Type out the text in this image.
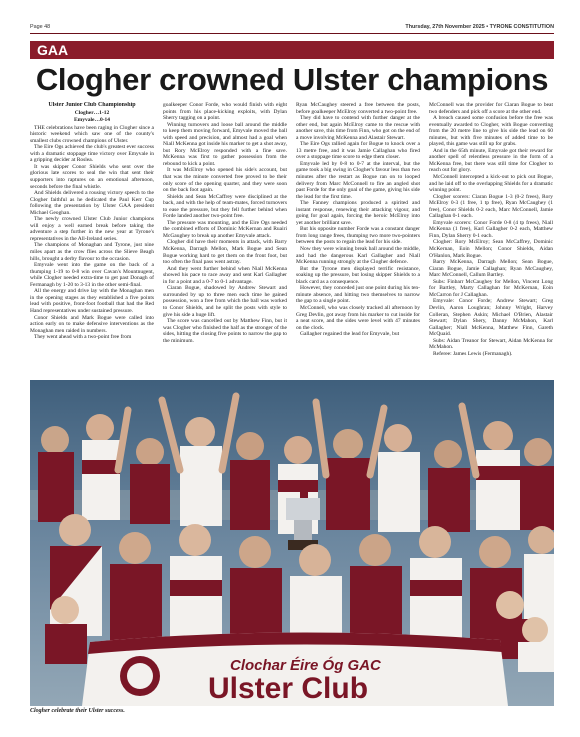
Page 48	Thursday, 27th November 2025 • TYRONE CONSTITUTION
GAA
Clogher crowned Ulster champions

Ulster Junior Club Championship

Clogher…1-12

Emyvale…0-14

THE celebrations have been raging in Clogher since a historic weekend which saw one of the county's smallest clubs crowned champions of Ulster.

The Eire Ogs achieved the club's greatest ever success with a dramatic stoppage time victory over Emyvale in a gripping decider at Roslea.

It was skipper Conor Shields who sent over the glorious late scores to seal the win that sent their supporters into raptures on an emotional afternoon, seconds before the final whistle.

And Shields delivered a rousing victory speech to the Clogher faithful as he dedicated the Paul Kerr Cup following the presentation by Ulster GAA president Michael Geoghan.

The newly crowned Ulster Club Junior champions will enjoy a well earned break before taking the adventure a step further in the new year at Tyrone's representatives in the All-Ireland series.

The champions of Monaghan and Tyrone, just nine miles apart as the crow flies across the Slieve Beagh hills, brought a derby flavour to the occasion.

Emyvale went into the game on the back of a thumping 1-19 to 0-8 win over Cavan's Mountnugent, while Clogher needed extra-time to get past Donagh of Fermanagh by 1-20 to 3-13 in the other semi-final.

All the energy and drive lay with the Monaghan men in the opening stages as they established a five points lead with positive, front-foot football that had the Red Hand representatives under sustained pressure.

Conor Shields and Mark Bogue were called into action early on to make defensive interventions as the Monaghan men raided in numbers.

They went ahead with a two-point free from

goalkeeper Conor Forde, who would finish with eight points from his place-kicking exploits, with Dylan Sherry tagging on a point.

Winning turnovers and loose ball around the middle to keep them moving forward, Emyvale moved the ball with speed and precision, and almost had a goal when Niall McKenna got inside his marker to get a shot away, but Rory McElroy responded with a fine save. McKenna was first to gather possession from the rebound to kick a point.

It was McElroy who opened his side's account, but that was the minute converted free proved to be their only score of the opening quarter, and they were soon on the back foot again.

Shields and Sean McCaffrey were disciplined at the back, and with the help of team-mates, forced turnovers to ease the pressure, but they fell further behind when Forde landed another two-point free.

The pressure was mounting, and the Eire Ogs needed the combined efforts of Dominic McKernan and Ruairi McGaughey to break up another Emyvale attack.

Clogher did have their moments in attack, with Barry McKenna, Darragh Mellon, Mark Bogue and Sean Bogue working hard to get them on the front foot, but too often the final pass went astray.

And they went further behind when Niall McKenna showed his pace to race away and sent Karl Gallagher in for a point and a 0-7 to 0-1 advantage.

Ciaran Bogue, shadowed by Andrew Stewart and surrounded by up to three men each time he gained possession, won a free from which the ball was worked to Conor Shields, and he split the posts with style to give his side a huge lift.

The score was cancelled out by Matthew Finn, but it was Clogher who finished the half as the stronger of the sides, hitting the closing five points to narrow the gap to the minimum.

Ryan McCaughey steered a free between the posts, before goalkeeper McElroy converted a two-point free.

They did have to contend with further danger at the other end, but again McElroy came to the rescue with another save, this time from Finn, who got on the end of a move involving McKenna and Alastair Stewart.

The Eire Ogs rallied again for Bogue to knock over a 13 metre free, and it was Jamie Callaghan who fired over a stoppage time score to edge them closer.

Emyvale led by 0-8 to 0-7 at the interval, but the game took a big swing in Clogher's favour less than two minutes after the restart as Bogue ran on to looped delivery from Marc McConnell to fire an angled shot past Forde for the only goal of the game, giving his side the lead for the first time.

The Fanney champions produced a spirited and instant response, renewing their attacking vigour, and going for goal again, forcing the heroic McElroy into yet another brilliant save.

But his opposite number Forde was a constant danger from long range frees, thumping two more two-pointers between the posts to regain the lead for his side.

Now they were winning break ball around the middle, and had the dangerous Karl Gallagher and Niall McKenna running strongly at the Clogher defence.

But the Tyrone men displayed terrific resistance, soaking up the pressure, but losing skipper Shields to a black card as a consequence.

However, they conceded just one point during his ten-minute absence, and hitting two themselves to narrow the gap to a single point.

McConnell, who was closely tracked all afternoon by Greg Devlin, got away from his marker to cut inside for a neat score, and the sides were level with 47 minutes on the clock.

Gallagher regained the lead for Emyvale, but

McConnell was the provider for Ciaran Bogue to beat two defenders and pick off a score at the other end.

A breach caused some confusion before the free was eventually awarded to Clogher, with Bogue converting from the 20 metre line to give his side the lead on 60 minutes, but with five minutes of added time to be played, this game was still up for grabs.

And in the 65th minute, Emyvale got their reward for another spell of relentless pressure in the form of a McKenna free, but there was still time for Clogher to reach out for glory.

McConnell intercepted a kick-out to pick out Bogue, and he laid off to the overlapping Shields for a dramatic winning point.

Clogher scorers: Ciaran Bogue 1-3 (0-2 frees), Rory McElroy 0-3 (1 free, 1 tp free), Ryan McCaughey (1 free), Conor Shields 0-2 each, Marc McConnell, Jamie Callaghan 0-1 each.

Emyvale scorers: Conor Forde 0-8 (4 tp frees), Niall McKenna (1 free), Karl Gallagher 0-2 each, Matthew Finn, Dylan Sherry 0-1 each.

Clogher: Rory McElroy; Sean McCaffrey, Dominic McKernan, Eoin Mellon; Conor Shields, Aidan O'Hanlon, Mark Bogue.

Barry McKenna, Darragh Mellon; Sean Bogue, Ciaran Bogue, Jamie Callaghan; Ryan McCaughey, Marc McConnell, Callum Bartley.

Subs: Finbarr McCaughey for Mellon, Vincent Long for Bartley, Marty Callaghan for McKernan, Eoin McCarron for J Callaghan.

Emyvale: Conor Forde; Andrew Stewart; Greg Devlin, Aaron Loughran; Johnny Wright, Harvey Colleran, Stephen Askin; Michael O'Brien, Alastair Stewart; Dylan Shery, Danny McMahon, Karl Gallagher; Niall McKenna, Matthew Finn, Gareth McQuaid.

Subs: Aidan Treanor for Stewart, Aidan McKenna for McMahon.

Referee: James Lewis (Fermanagh).

Clochar Éire Óg GAC
Ulster Club
Clogher celebrate their Ulster success.
